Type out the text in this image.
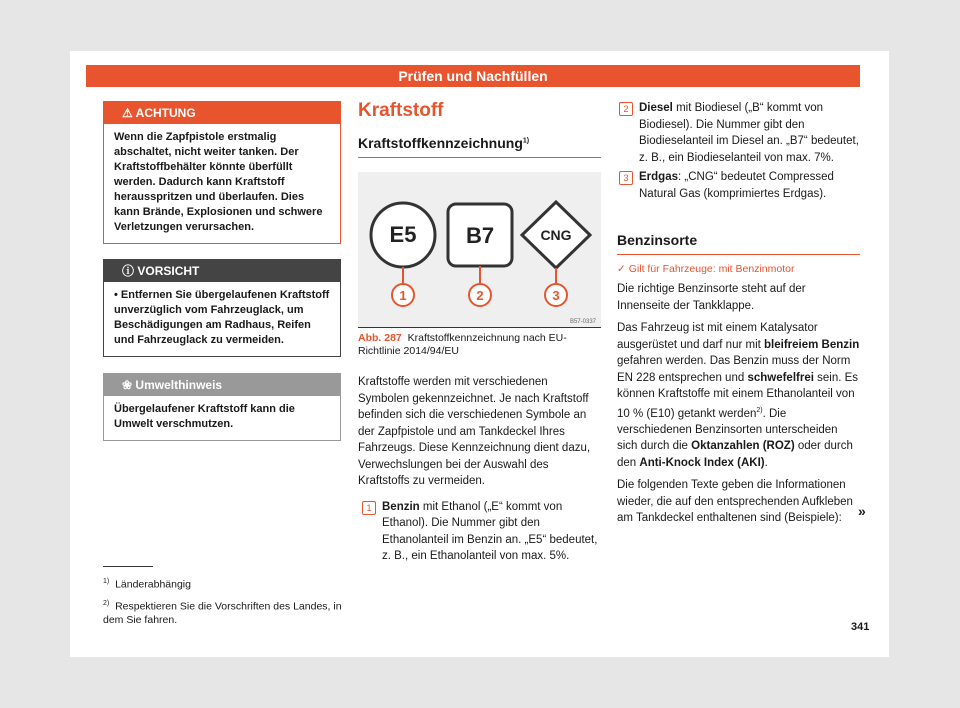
Prüfen und Nachfüllen
⚠ ACHTUNG
Wenn die Zapfpistole erstmalig abschaltet, nicht weiter tanken. Der Kraftstoffbehälter könnte überfüllt werden. Dadurch kann Kraftstoff herausspritzen und überlaufen. Dies kann Brände, Explosionen und schwere Verletzungen verursachen.
ⓘ VORSICHT
• Entfernen Sie übergelaufenen Kraftstoff unverzüglich vom Fahrzeuglack, um Beschädigungen am Radhaus, Reifen und Fahrzeuglack zu vermeiden.
❀ Umwelthinweis
Übergelaufener Kraftstoff kann die Umwelt verschmutzen.
$^{1)}$ Länderabhängig
$^{2)}$ Respektieren Sie die Vorschriften des Landes, in dem Sie fahren.
Kraftstoff
Kraftstoffkennzeichnung$^{1)}$
E5 B7	CNG
1	2	3
B57-0337
Abb. 287 Kraftstoffkennzeichnung nach EU-Richtlinie 2014/94/EU
Kraftstoffe werden mit verschiedenen Symbolen gekennzeichnet. Je nach Kraftstoff befinden sich die verschiedenen Symbole an der Zapfpistole und am Tankdeckel Ihres Fahrzeugs. Diese Kennzeichnung dient dazu, Verwechslungen bei der Auswahl des Kraftstoffs zu vermeiden.
1 Benzin mit Ethanol („E“ kommt von Ethanol). Die Nummer gibt den Ethanolanteil im Benzin an. „E5“ bedeutet, z. B., ein Ethanolanteil von max. 5%.
2 Diesel mit Biodiesel („B“ kommt von Biodiesel). Die Nummer gibt den Biodieselanteil im Diesel an. „B7“ bedeutet, z. B., ein Biodieselanteil von max. 7%.
3 Erdgas: „CNG“ bedeutet Compressed Natural Gas (komprimiertes Erdgas).
Benzinsorte
✓ Gilt für Fahrzeuge: mit Benzinmotor
Die richtige Benzinsorte steht auf der Innenseite der Tankklappe.
Das Fahrzeug ist mit einem Katalysator ausgerüstet und darf nur mit bleifreiem Benzin gefahren werden. Das Benzin muss der Norm EN 228 entsprechen und schwefelfrei sein. Es können Kraftstoffe mit einem Ethanolanteil von 10 % (E10) getankt werden$^{2)}$. Die verschiedenen Benzinsorten unterscheiden sich durch die Oktanzahlen (ROZ) oder durch den Anti-Knock Index (AKI).
Die folgenden Texte geben die Informationen wieder, die auf den entsprechenden Aufkleben am Tankdeckel enthaltenen sind (Beispiele):	»
341
